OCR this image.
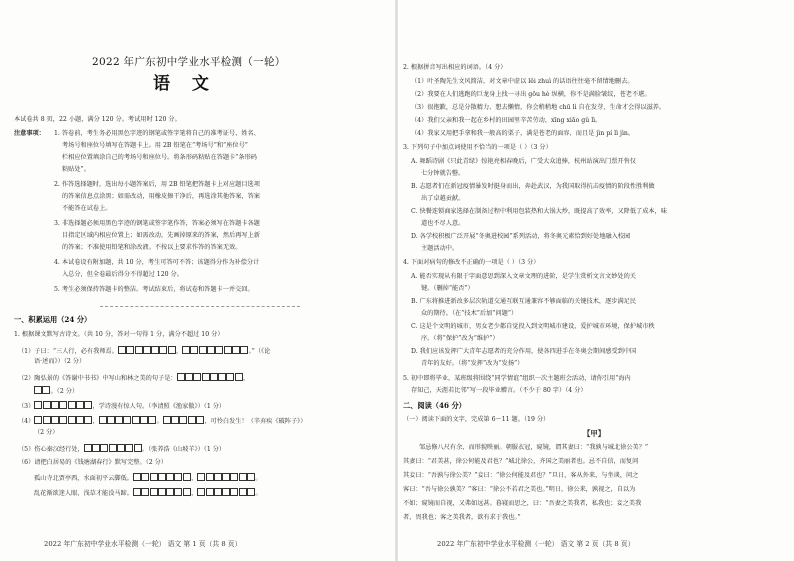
2022 年广东初中学业水平检测（一轮）
语 文
本试卷共 8 页，22 小题，满分 120 分。考试用时 120 分。
注意事项： 1. 答卷前，考生务必用黑色字迹的钢笔或签字笔将自己的准考证号、姓名、
考场号和座位号填写在答题卡上。用 2B 铅笔在“考场号”和“座位号”
栏相应位置填涂自己的考场号和座位号。将条形码粘贴在答题卡“条形码
粘贴处”。
2. 作答选择题时，选出每小题答案后，用 2B 铅笔把答题卡上对应题目选项
的答案信息点涂黑；如需改动，用橡皮擦干净后，再选涂其他答案，答案
不能答在试卷上。
3. 非选择题必须用黑色字迹的钢笔或签字笔作答，答案必须写在答题卡各题
目指定区域内相应位置上；如需改动，先画掉原来的答案，然后再写上新
的答案；不准使用铅笔和涂改液。不按以上要求作答的答案无效。
4. 本试卷设有附加题，共 10 分，考生可答可不答；该题得分作为补偿分计
入总分，但全卷最后得分不得超过 120 分。
5. 考生必须保持答题卡的整洁。考试结束后，将试卷和答题卡一并交回。
一、积累运用（24 分）
1. 根据课文默写古诗文。（共 10 分，答对一句得 1 分，满分不超过 10 分）
（1）子曰：“三人行，必有我师焉。	，	。”（《论
语·述而》）（2 分）
（2）陶弘景的《答谢中书书》中写山和林之美的句子是：	，
。（2 分）
（3）	，学诗漫有惊人句。（李清照《渔家傲》）（1 分）
（4）	，	。	，可怜白发生！（辛弃疾《破阵子》）
（2 分）
（5）伤心秦汉经行处，	。（张养浩《山坡羊》）（1 分）
（6）请把白居易的《钱塘湖春行》默写完整。（2 分）
孤山寺北贾亭西，水面初平云脚低。	，	。
乱花渐欲迷人眼，浅草才能没马蹄。	，	。
2022 年广东初中学业水平检测（一轮） 语文 第 1 页（共 8 页）
2. 根据拼音写出相应的词语。（4 分）
（1）叶圣陶先生文风简洁，对文章中虚以 lěi zhuì 的话语往往毫不留情地删去。
（2）我要在人们逃跑的巨龙身上找一寻出 gōu hè 纵横，你不是满脸皱纹，苍老不堪。
（3）很抱歉，总是分散精力、想去懒惰，你会稍稍地 chū lì 自在发芽，生命才会得以滋养。
（4）我们父亲和我一起在乡村的田园里辛苦劳动，xīng xiāo gǔ lì。
（4）我家又用把手拿和我一般高的栗子，满是苍老的面容，而且是 jìn pí lì jìn。
3. 下列句子中加点词使用不恰当的一项是（ ）（3 分）
A. 舞蹈诗剧《只此青绿》惊艳亮相春晚后，广受大众追捧，杭州站演出门票开售仅
七分钟就告罄。
B. 志愿者们在新冠疫情暴发时挺身而出，奔赴武汉，为我国取得抗击疫情的阶段性胜利做
出了卓越贡献。
C. 快餐连锁商家选择在制备过程中利用包装热和大锅大炒，既提高了效率，又降低了成本，味
道也不尽人意。
D. 各学校积极广泛开展“冬奥进校园”系列活动，将冬奥元素恰到好处地融入校园
主题活动中。
4. 下面对病句的修改不正确的一项是（ ）（3 分）
A. 能否实现从有限于字面意思到深入文章文理的进阶，是学生赏析文言文妙处的关
键。（删掉“能否”）
B. 广东将推进新改多层次轨道交通互联互通兼容不够面临的关键技术，逐步满足民
众的期待。（在“技术”后加“问题”）
C. 这是个文明的城市，男女老少都自觉投入到文明城市建设，爱护城市环境，保护城市秩
序。（将“保护”改为“维护”）
D. 我们应该发挥广大青年志愿者的充分作用，使各四进手在冬奥会期间感受到中国
青年的友好。（将“发挥”改为“发扬”）
5. 初中即将毕业，某班级将围绕“同学情谊”组织一次主题班会活动，请你引用“海内
存知己，天涯若比邻”写一段毕业赠言。（不少于 80 字）（4 分）
二、阅读（46 分）
（一）阅读下面的文字，完成第 6～11 题。（19 分）
【甲】
邹忌修八尺有余，而形貌昳丽。朝服衣冠，窥镜，谓其妻曰：“我孰与城北徐公美？”
其妻曰：“君美甚，徐公何能及君也？”城北徐公，齐国之美丽者也。忌不自信，而复问
其妾曰：“吾孰与徐公美？”妾曰：“徐公何能及君也？”旦日，客从外来，与坐谈，问之
客曰：“吾与徐公孰美？”客曰：“徐公不若君之美也。”明日，徐公来，孰视之，自以为
不如；窥镜而自视，又弗如远甚。暮寝而思之，曰：“吾妻之美我者，私我也；妾之美我
者，畏我也；客之美我者，欲有求于我也。”
2022 年广东初中学业水平检测（一轮） 语文 第 2 页（共 8 页）
